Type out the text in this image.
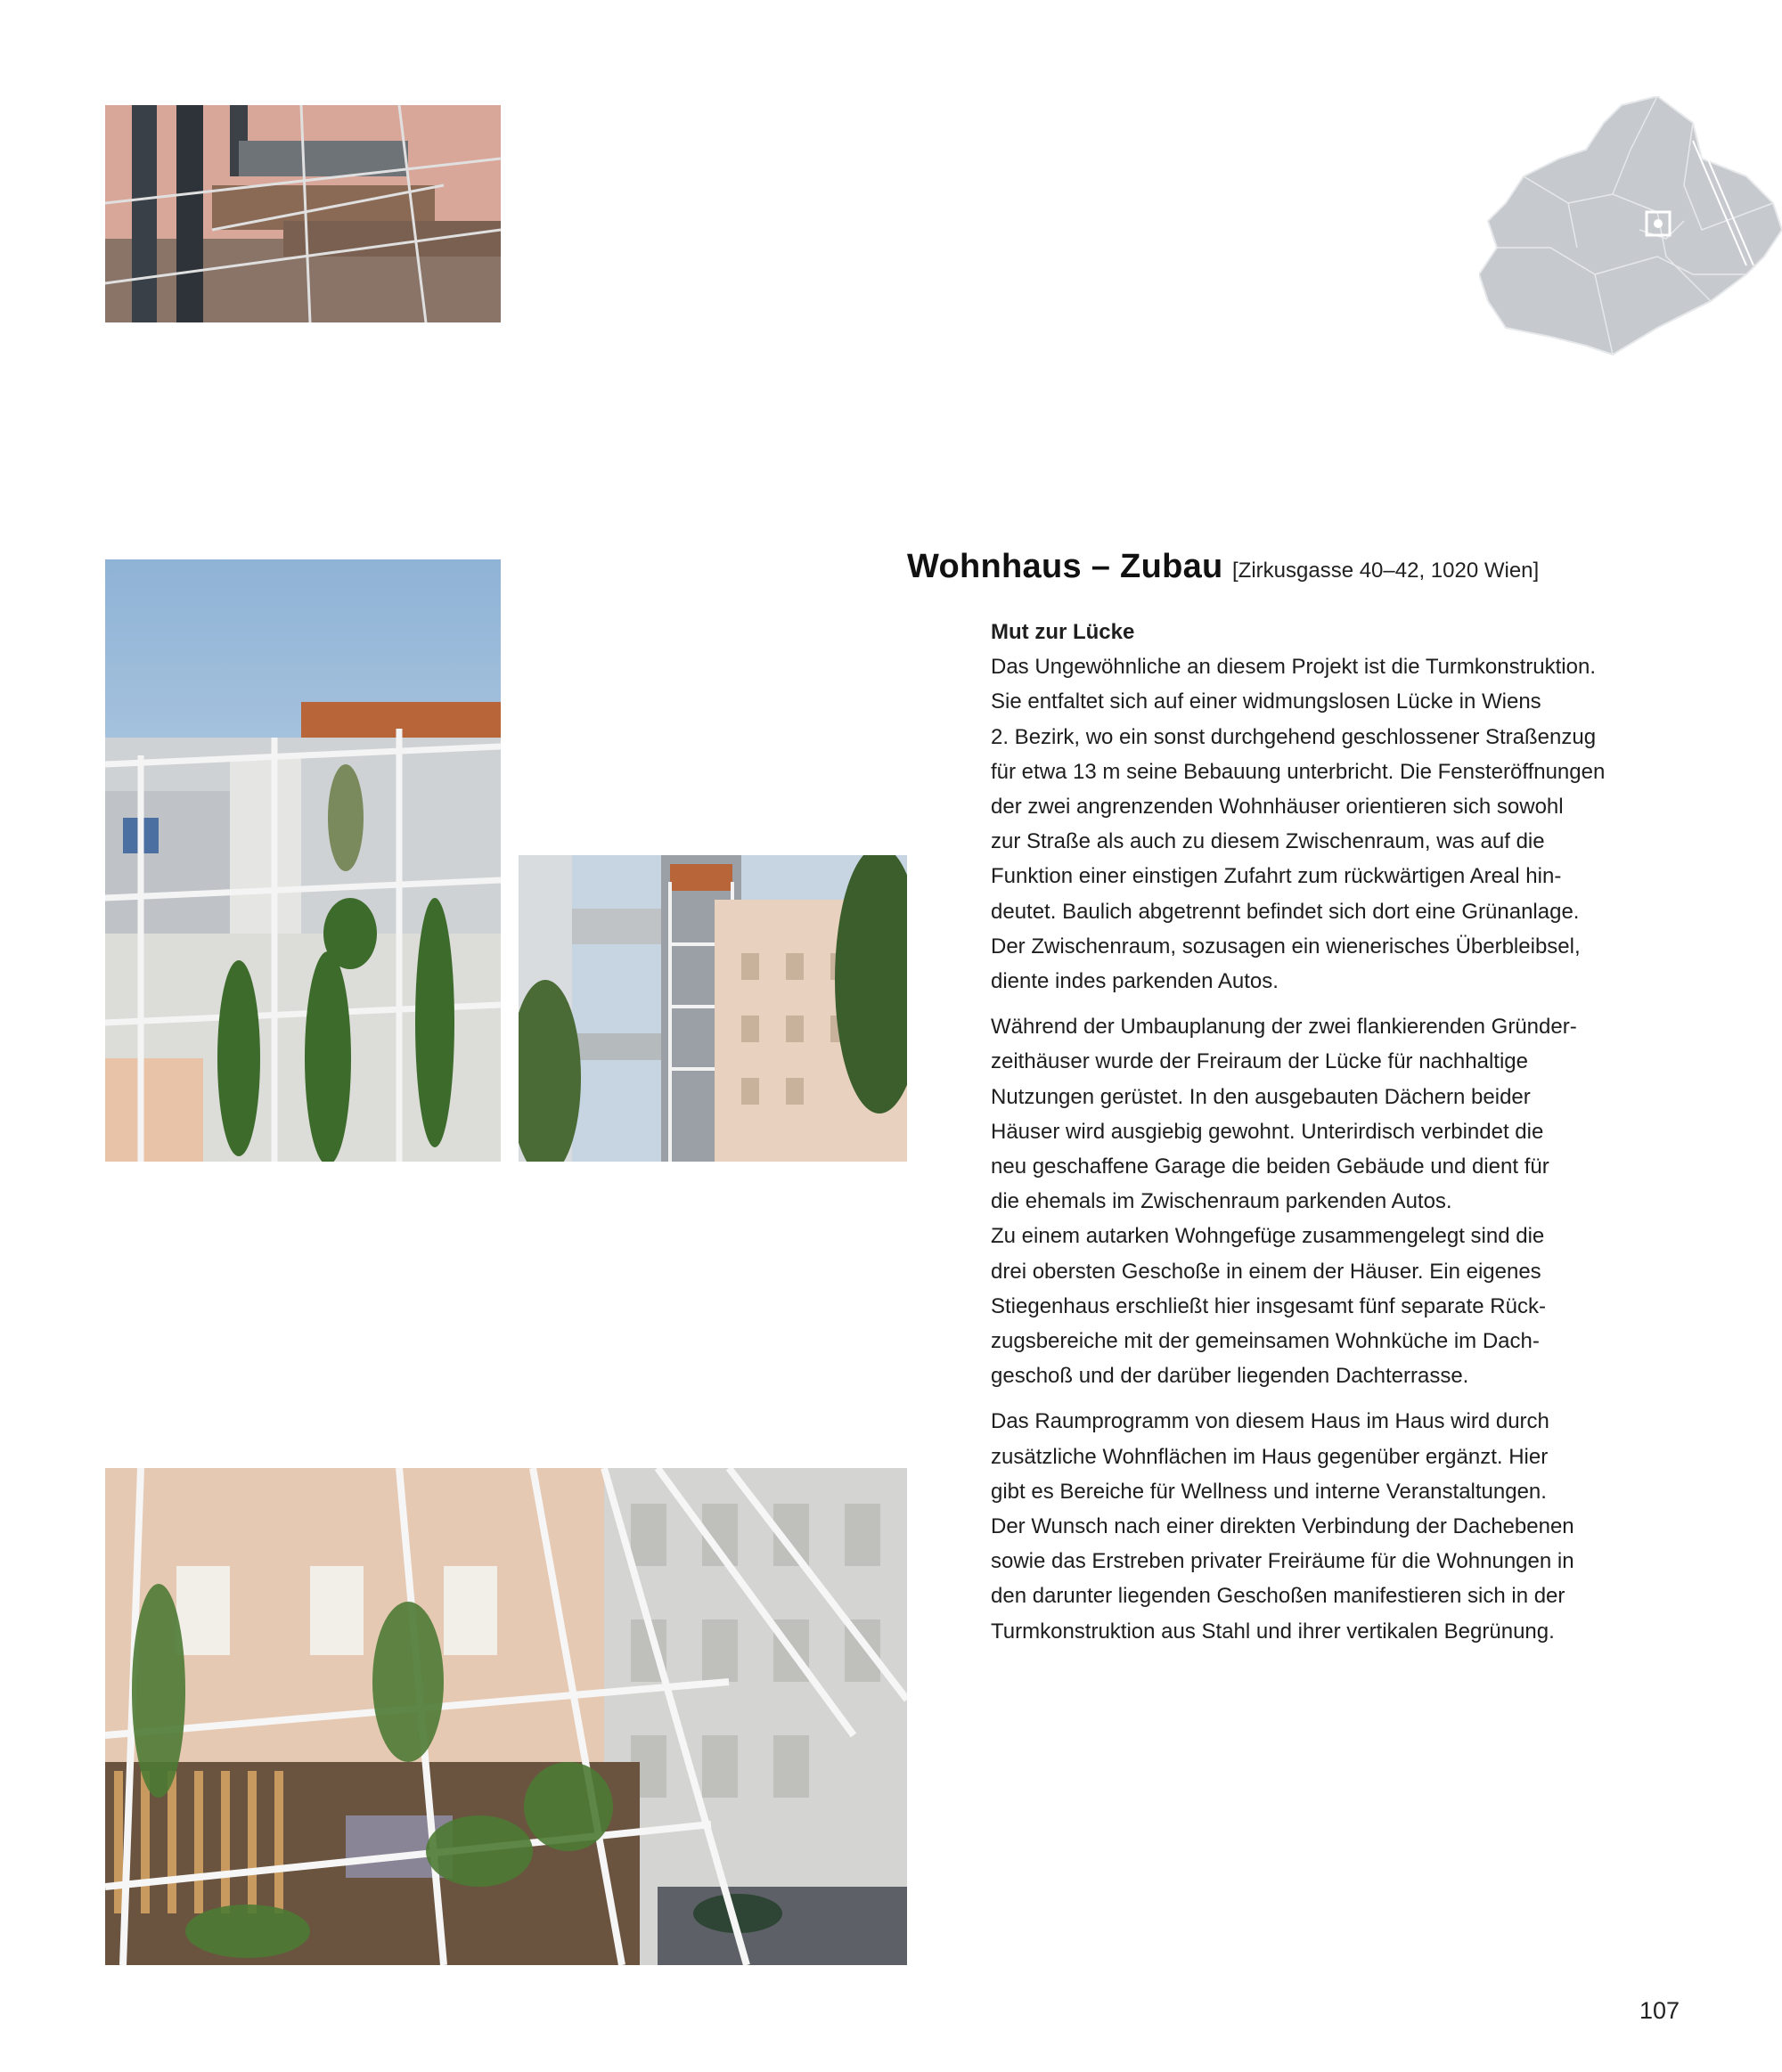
Wohnhaus – Zubau [Zirkusgasse 40–42, 1020 Wien]
Mut zur Lücke

Das Ungewöhnliche an diesem Projekt ist die Turmkonstruktion.
Sie entfaltet sich auf einer widmungslosen Lücke in Wiens
2. Bezirk, wo ein sonst durchgehend geschlossener Straßenzug
für etwa 13 m seine Bebauung unterbricht. Die Fensteröffnungen
der zwei angrenzenden Wohnhäuser orientieren sich sowohl
zur Straße als auch zu diesem Zwischenraum, was auf die
Funktion einer einstigen Zufahrt zum rückwärtigen Areal hin-
deutet. Baulich abgetrennt befindet sich dort eine Grünanlage.
Der Zwischenraum, sozusagen ein wienerisches Überbleibsel,
diente indes parkenden Autos.

Während der Umbauplanung der zwei flankierenden Gründer-
zeithäuser wurde der Freiraum der Lücke für nachhaltige
Nutzungen gerüstet. In den ausgebauten Dächern beider
Häuser wird ausgiebig gewohnt. Unterirdisch verbindet die
neu geschaffene Garage die beiden Gebäude und dient für
die ehemals im Zwischenraum parkenden Autos.
Zu einem autarken Wohngefüge zusammengelegt sind die
drei obersten Geschoße in einem der Häuser. Ein eigenes
Stiegenhaus erschließt hier insgesamt fünf separate Rück-
zugsbereiche mit der gemeinsamen Wohnküche im Dach-
geschoß und der darüber liegenden Dachterrasse.

Das Raumprogramm von diesem Haus im Haus wird durch
zusätzliche Wohnflächen im Haus gegenüber ergänzt. Hier
gibt es Bereiche für Wellness und interne Veranstaltungen.
Der Wunsch nach einer direkten Verbindung der Dachebenen
sowie das Erstreben privater Freiräume für die Wohnungen in
den darunter liegenden Geschoßen manifestieren sich in der
Turmkonstruktion aus Stahl und ihrer vertikalen Begrünung.

107
